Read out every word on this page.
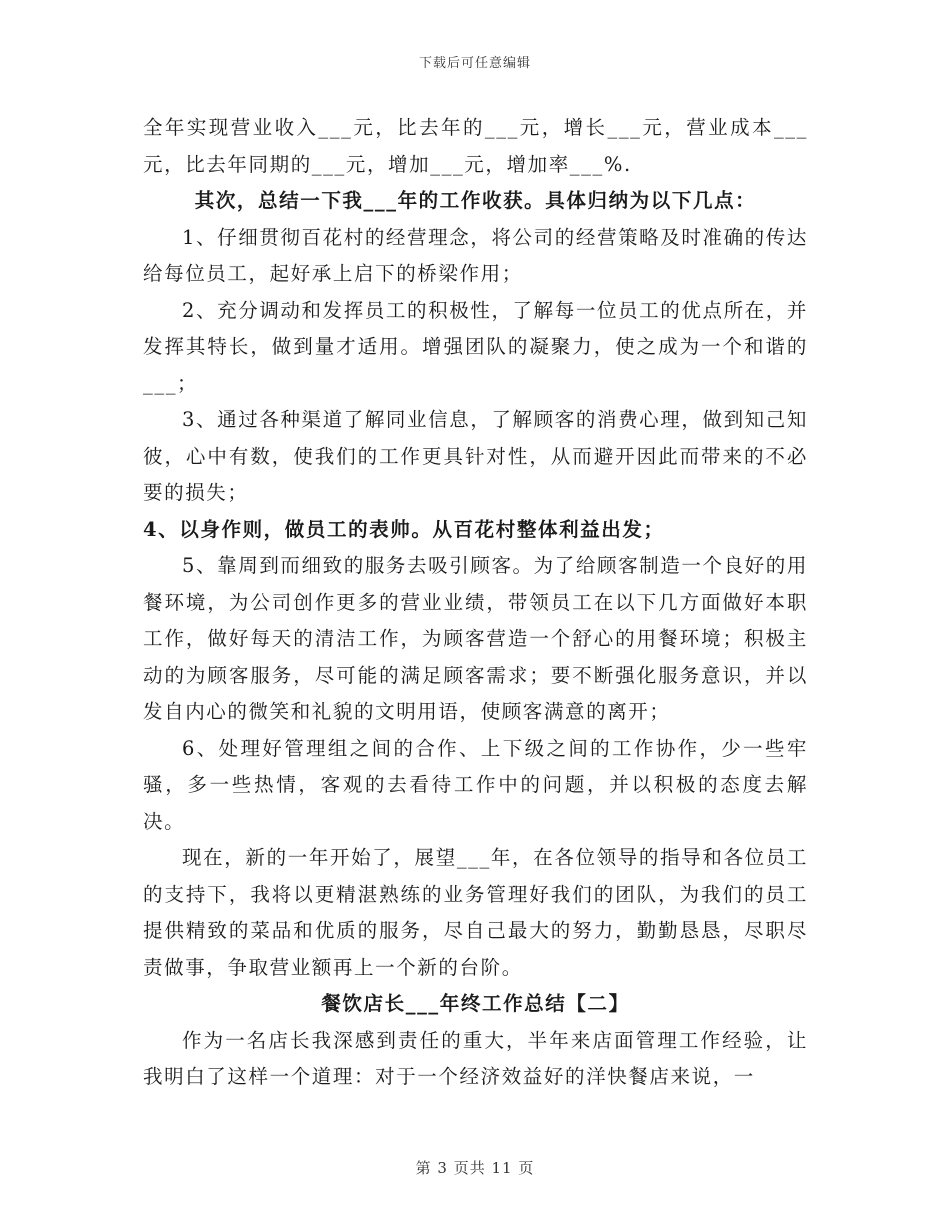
下载后可任意编辑

全年实现营业收入___元，比去年的___元，增长___元，营业成本___元，比去年同期的___元，增加___元，增加率___%.

其次，总结一下我___年的工作收获。具体归纳为以下几点：

1、仔细贯彻百花村的经营理念，将公司的经营策略及时准确的传达给每位员工，起好承上启下的桥梁作用；

2、充分调动和发挥员工的积极性，了解每一位员工的优点所在，并发挥其特长，做到量才适用。增强团队的凝聚力，使之成为一个和谐的___；

3、通过各种渠道了解同业信息，了解顾客的消费心理，做到知己知彼，心中有数，使我们的工作更具针对性，从而避开因此而带来的不必要的损失；

4、以身作则，做员工的表帅。从百花村整体利益出发；

5、靠周到而细致的服务去吸引顾客。为了给顾客制造一个良好的用餐环境，为公司创作更多的营业业绩，带领员工在以下几方面做好本职工作，做好每天的清洁工作，为顾客营造一个舒心的用餐环境；积极主动的为顾客服务，尽可能的满足顾客需求；要不断强化服务意识，并以发自内心的微笑和礼貌的文明用语，使顾客满意的离开；

6、处理好管理组之间的合作、上下级之间的工作协作，少一些牢骚，多一些热情，客观的去看待工作中的问题，并以积极的态度去解决。

现在，新的一年开始了，展望___年，在各位领导的指导和各位员工的支持下，我将以更精湛熟练的业务管理好我们的团队，为我们的员工提供精致的菜品和优质的服务，尽自己最大的努力，勤勤恳恳，尽职尽责做事，争取营业额再上一个新的台阶。

餐饮店长___年终工作总结【二】

作为一名店长我深感到责任的重大，半年来店面管理工作经验，让我明白了这样一个道理：对于一个经济效益好的洋快餐店来说，一

第 3 页共 11 页
